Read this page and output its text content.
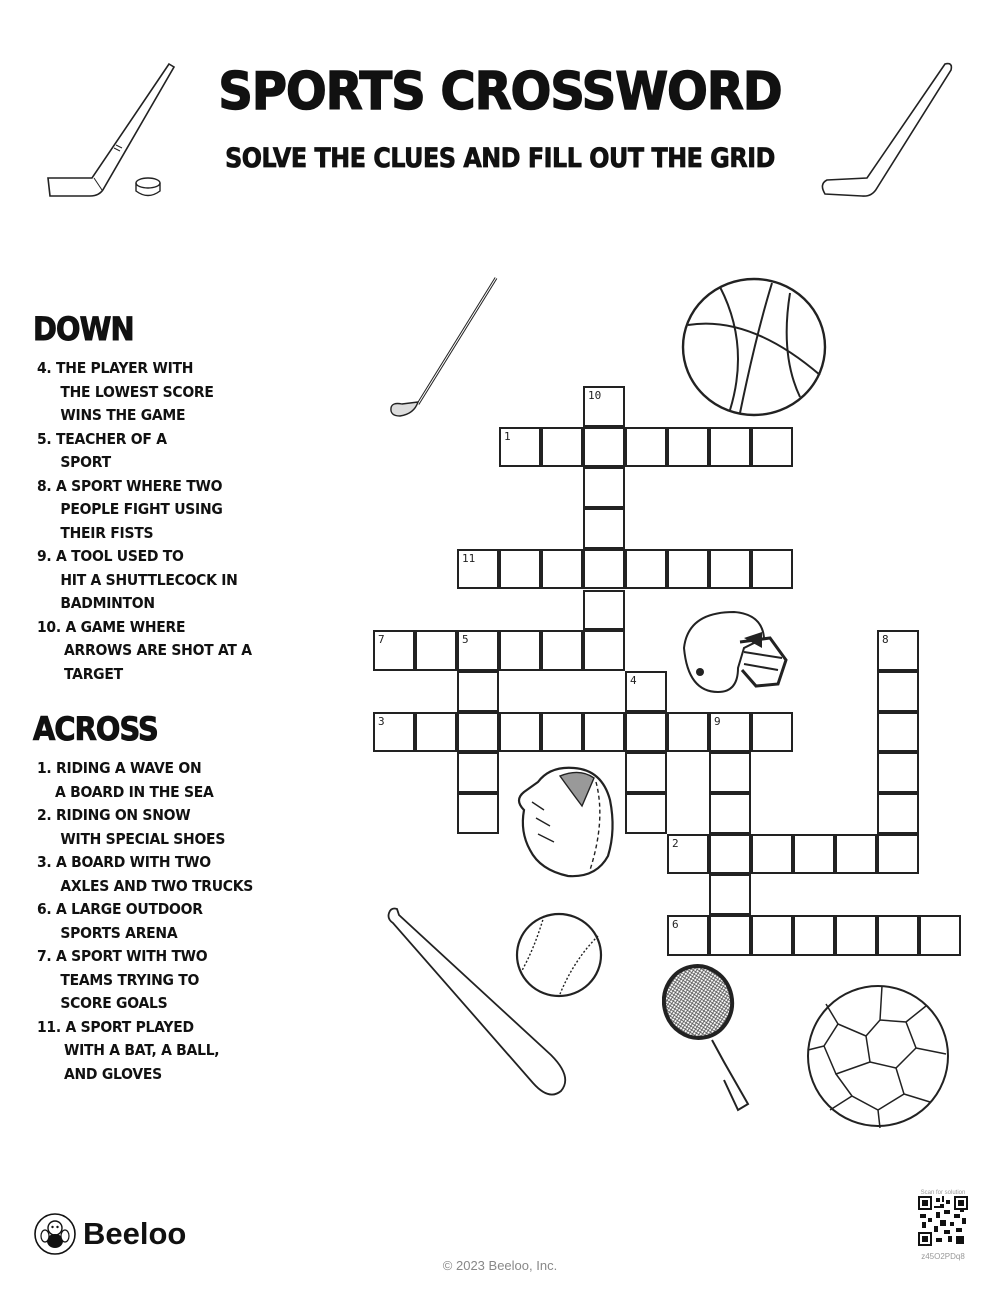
SPORTS CROSSWORD
SOLVE THE CLUES AND FILL OUT THE GRID
DOWN
4. THE PLAYER WITH
THE LOWEST SCORE
WINS THE GAME
5. TEACHER OF A
SPORT
8. A SPORT WHERE TWO
PEOPLE FIGHT USING
THEIR FISTS
9. A TOOL USED TO
HIT A SHUTTLECOCK IN
BADMINTON
10. A GAME WHERE
ARROWS ARE SHOT AT A
TARGET
ACROSS
1. RIDING A WAVE ON
A BOARD IN THE SEA
2. RIDING ON SNOW
WITH SPECIAL SHOES
3. A BOARD WITH TWO
AXLES AND TWO TRUCKS
6. A LARGE OUTDOOR
SPORTS ARENA
7. A SPORT WITH TWO
TEAMS TRYING TO
SCORE GOALS
11. A SPORT PLAYED
WITH A BAT, A BALL,
AND GLOVES
10
1
11
7	5	8
4
3	9
2
6
Beeloo
© 2023 Beeloo, Inc.
Scan for solution
z45O2PDq8
